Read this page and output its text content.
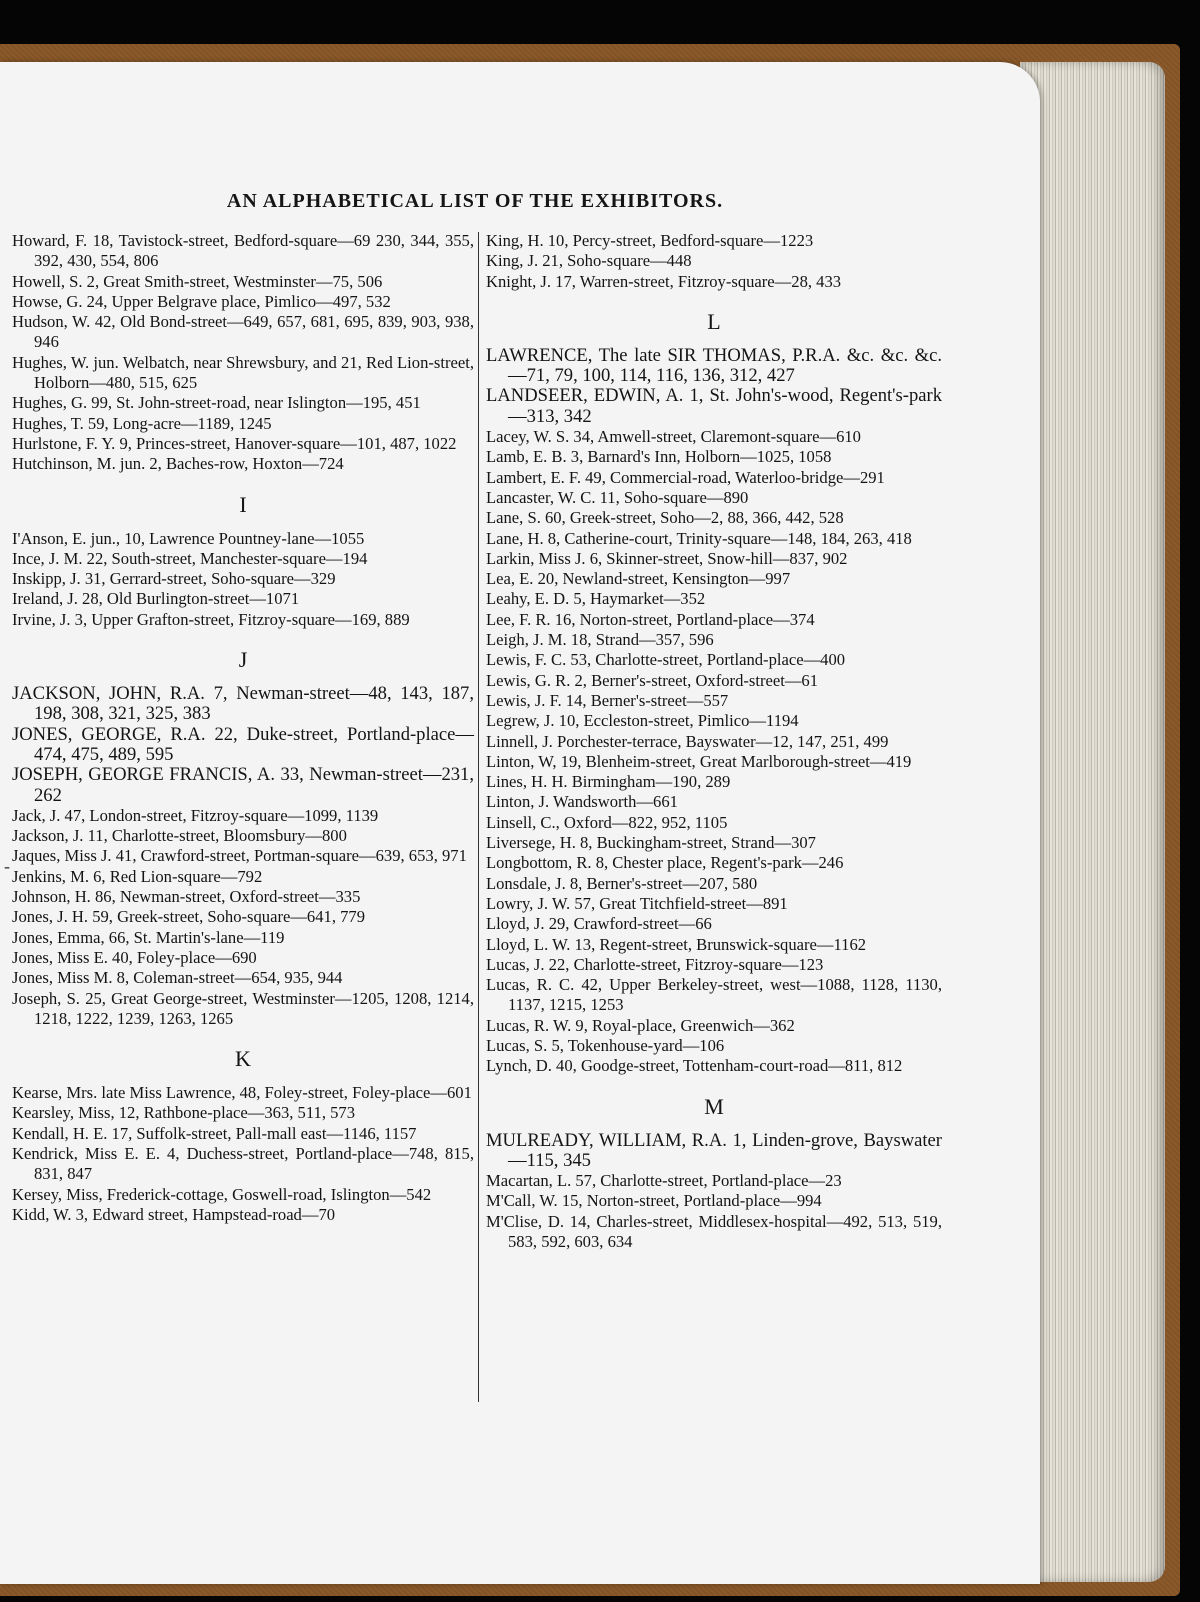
AN ALPHABETICAL LIST OF THE EXHIBITORS.
Howard, F. 18, Tavistock-street, Bedford-square—69 230, 344, 355, 392, 430, 554, 806
Howell, S. 2, Great Smith-street, Westminster—75, 506
Howse, G. 24, Upper Belgrave place, Pimlico—497, 532
Hudson, W. 42, Old Bond-street—649, 657, 681, 695, 839, 903, 938, 946
Hughes, W. jun. Welbatch, near Shrewsbury, and 21, Red Lion-street, Holborn—480, 515, 625
Hughes, G. 99, St. John-street-road, near Islington—195, 451
Hughes, T. 59, Long-acre—1189, 1245
Hurlstone, F. Y. 9, Princes-street, Hanover-square—101, 487, 1022
Hutchinson, M. jun. 2, Baches-row, Hoxton—724
I
I'Anson, E. jun., 10, Lawrence Pountney-lane—1055
Ince, J. M. 22, South-street, Manchester-square—194
Inskipp, J. 31, Gerrard-street, Soho-square—329
Ireland, J. 28, Old Burlington-street—1071
Irvine, J. 3, Upper Grafton-street, Fitzroy-square—169, 889
J
JACKSON, JOHN, R.A. 7, Newman-street—48, 143, 187, 198, 308, 321, 325, 383
JONES, GEORGE, R.A. 22, Duke-street, Portland-place—474, 475, 489, 595
JOSEPH, GEORGE FRANCIS, A. 33, Newman-street—231, 262
Jack, J. 47, London-street, Fitzroy-square—1099, 1139
Jackson, J. 11, Charlotte-street, Bloomsbury—800
Jaques, Miss J. 41, Crawford-street, Portman-square—639, 653, 971
Jenkins, M. 6, Red Lion-square—792
Johnson, H. 86, Newman-street, Oxford-street—335
Jones, J. H. 59, Greek-street, Soho-square—641, 779
Jones, Emma, 66, St. Martin's-lane—119
Jones, Miss E. 40, Foley-place—690
Jones, Miss M. 8, Coleman-street—654, 935, 944
Joseph, S. 25, Great George-street, Westminster—1205, 1208, 1214, 1218, 1222, 1239, 1263, 1265
K
Kearse, Mrs. late Miss Lawrence, 48, Foley-street, Foley-place—601
Kearsley, Miss, 12, Rathbone-place—363, 511, 573
Kendall, H. E. 17, Suffolk-street, Pall-mall east—1146, 1157
Kendrick, Miss E. E. 4, Duchess-street, Portland-place—748, 815, 831, 847
Kersey, Miss, Frederick-cottage, Goswell-road, Islington—542
Kidd, W. 3, Edward street, Hampstead-road—70
King, H. 10, Percy-street, Bedford-square—1223
King, J. 21, Soho-square—448
Knight, J. 17, Warren-street, Fitzroy-square—28, 433
L
LAWRENCE, The late SIR THOMAS, P.R.A. &c. &c. &c.—71, 79, 100, 114, 116, 136, 312, 427
LANDSEER, EDWIN, A. 1, St. John's-wood, Regent's-park—313, 342
Lacey, W. S. 34, Amwell-street, Claremont-square—610
Lamb, E. B. 3, Barnard's Inn, Holborn—1025, 1058
Lambert, E. F. 49, Commercial-road, Waterloo-bridge—291
Lancaster, W. C. 11, Soho-square—890
Lane, S. 60, Greek-street, Soho—2, 88, 366, 442, 528
Lane, H. 8, Catherine-court, Trinity-square—148, 184, 263, 418
Larkin, Miss J. 6, Skinner-street, Snow-hill—837, 902
Lea, E. 20, Newland-street, Kensington—997
Leahy, E. D. 5, Haymarket—352
Lee, F. R. 16, Norton-street, Portland-place—374
Leigh, J. M. 18, Strand—357, 596
Lewis, F. C. 53, Charlotte-street, Portland-place—400
Lewis, G. R. 2, Berner's-street, Oxford-street—61
Lewis, J. F. 14, Berner's-street—557
Legrew, J. 10, Eccleston-street, Pimlico—1194
Linnell, J. Porchester-terrace, Bayswater—12, 147, 251, 499
Linton, W, 19, Blenheim-street, Great Marlborough-street—419
Lines, H. H. Birmingham—190, 289
Linton, J. Wandsworth—661
Linsell, C., Oxford—822, 952, 1105
Liversege, H. 8, Buckingham-street, Strand—307
Longbottom, R. 8, Chester place, Regent's-park—246
Lonsdale, J. 8, Berner's-street—207, 580
Lowry, J. W. 57, Great Titchfield-street—891
Lloyd, J. 29, Crawford-street—66
Lloyd, L. W. 13, Regent-street, Brunswick-square—1162
Lucas, J. 22, Charlotte-street, Fitzroy-square—123
Lucas, R. C. 42, Upper Berkeley-street, west—1088, 1128, 1130, 1137, 1215, 1253
Lucas, R. W. 9, Royal-place, Greenwich—362
Lucas, S. 5, Tokenhouse-yard—106
Lynch, D. 40, Goodge-street, Tottenham-court-road—811, 812
M
MULREADY, WILLIAM, R.A. 1, Linden-grove, Bayswater—115, 345
Macartan, L. 57, Charlotte-street, Portland-place—23
M'Call, W. 15, Norton-street, Portland-place—994
M'Clise, D. 14, Charles-street, Middlesex-hospital—492, 513, 519, 583, 592, 603, 634
-
